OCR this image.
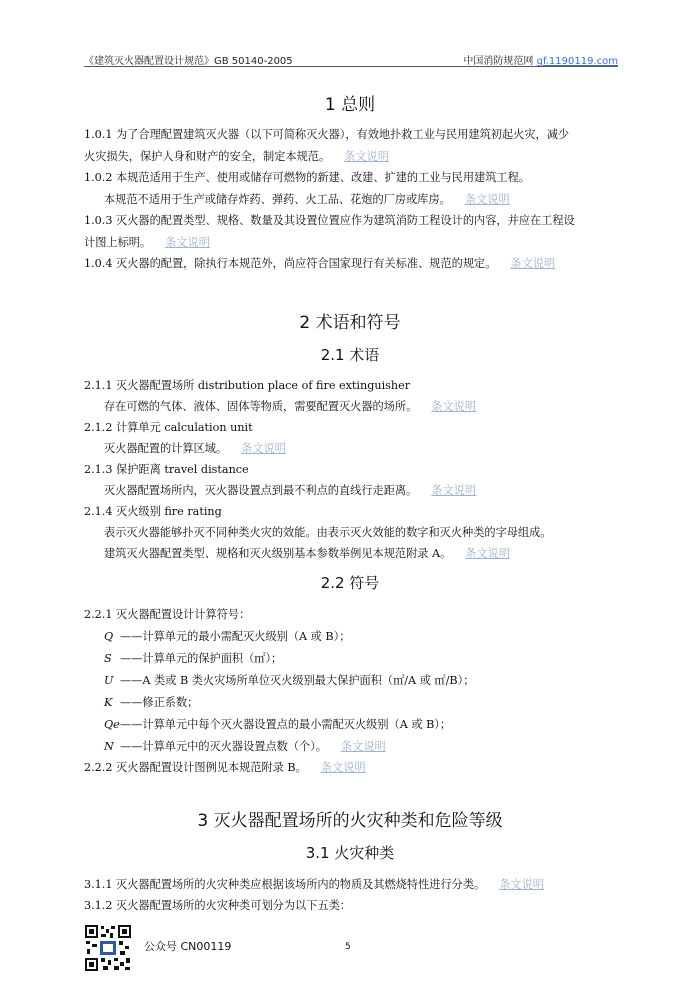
《建筑灭火器配置设计规范》GB 50140-2005	中国消防规范网 gf.1190119.com
1 总则
1.0.1 为了合理配置建筑灭火器（以下可简称灭火器），有效地扑救工业与民用建筑初起火灾，减少
火灾损失，保护人身和财产的安全，制定本规范。 条文说明
1.0.2 本规范适用于生产、使用或储存可燃物的新建、改建、扩建的工业与民用建筑工程。
本规范不适用于生产或储存炸药、弹药、火工品、花炮的厂房或库房。 条文说明
1.0.3 灭火器的配置类型、规格、数量及其设置位置应作为建筑消防工程设计的内容，并应在工程设
计图上标明。 条文说明
1.0.4 灭火器的配置，除执行本规范外，尚应符合国家现行有关标准、规范的规定。 条文说明
2 术语和符号
2.1 术语
2.1.1 灭火器配置场所 distribution place of fire extinguisher
存在可燃的气体、液体、固体等物质，需要配置灭火器的场所。 条文说明
2.1.2 计算单元 calculation unit
灭火器配置的计算区域。 条文说明
2.1.3 保护距离 travel distance
灭火器配置场所内，灭火器设置点到最不利点的直线行走距离。 条文说明
2.1.4 灭火级别 fire rating
表示灭火器能够扑灭不同种类火灾的效能。由表示灭火效能的数字和灭火种类的字母组成。
建筑灭火器配置类型、规格和灭火级别基本参数举例见本规范附录 A。 条文说明
2.2 符号
2.2.1 灭火器配置设计计算符号：
Q ——计算单元的最小需配灭火级别（A 或 B）；
S ——计算单元的保护面积（㎡）；
U ——A 类或 B 类火灾场所单位灭火级别最大保护面积（㎡/A 或 ㎡/B）；
K ——修正系数；
Qe——计算单元中每个灭火器设置点的最小需配灭火级别（A 或 B）；
N ——计算单元中的灭火器设置点数（个）。 条文说明
2.2.2 灭火器配置设计图例见本规范附录 B。 条文说明
3 灭火器配置场所的火灾种类和危险等级
3.1 火灾种类
3.1.1 灭火器配置场所的火灾种类应根据该场所内的物质及其燃烧特性进行分类。 条文说明
3.1.2 灭火器配置场所的火灾种类可划分为以下五类：
公众号 CN00119	5
